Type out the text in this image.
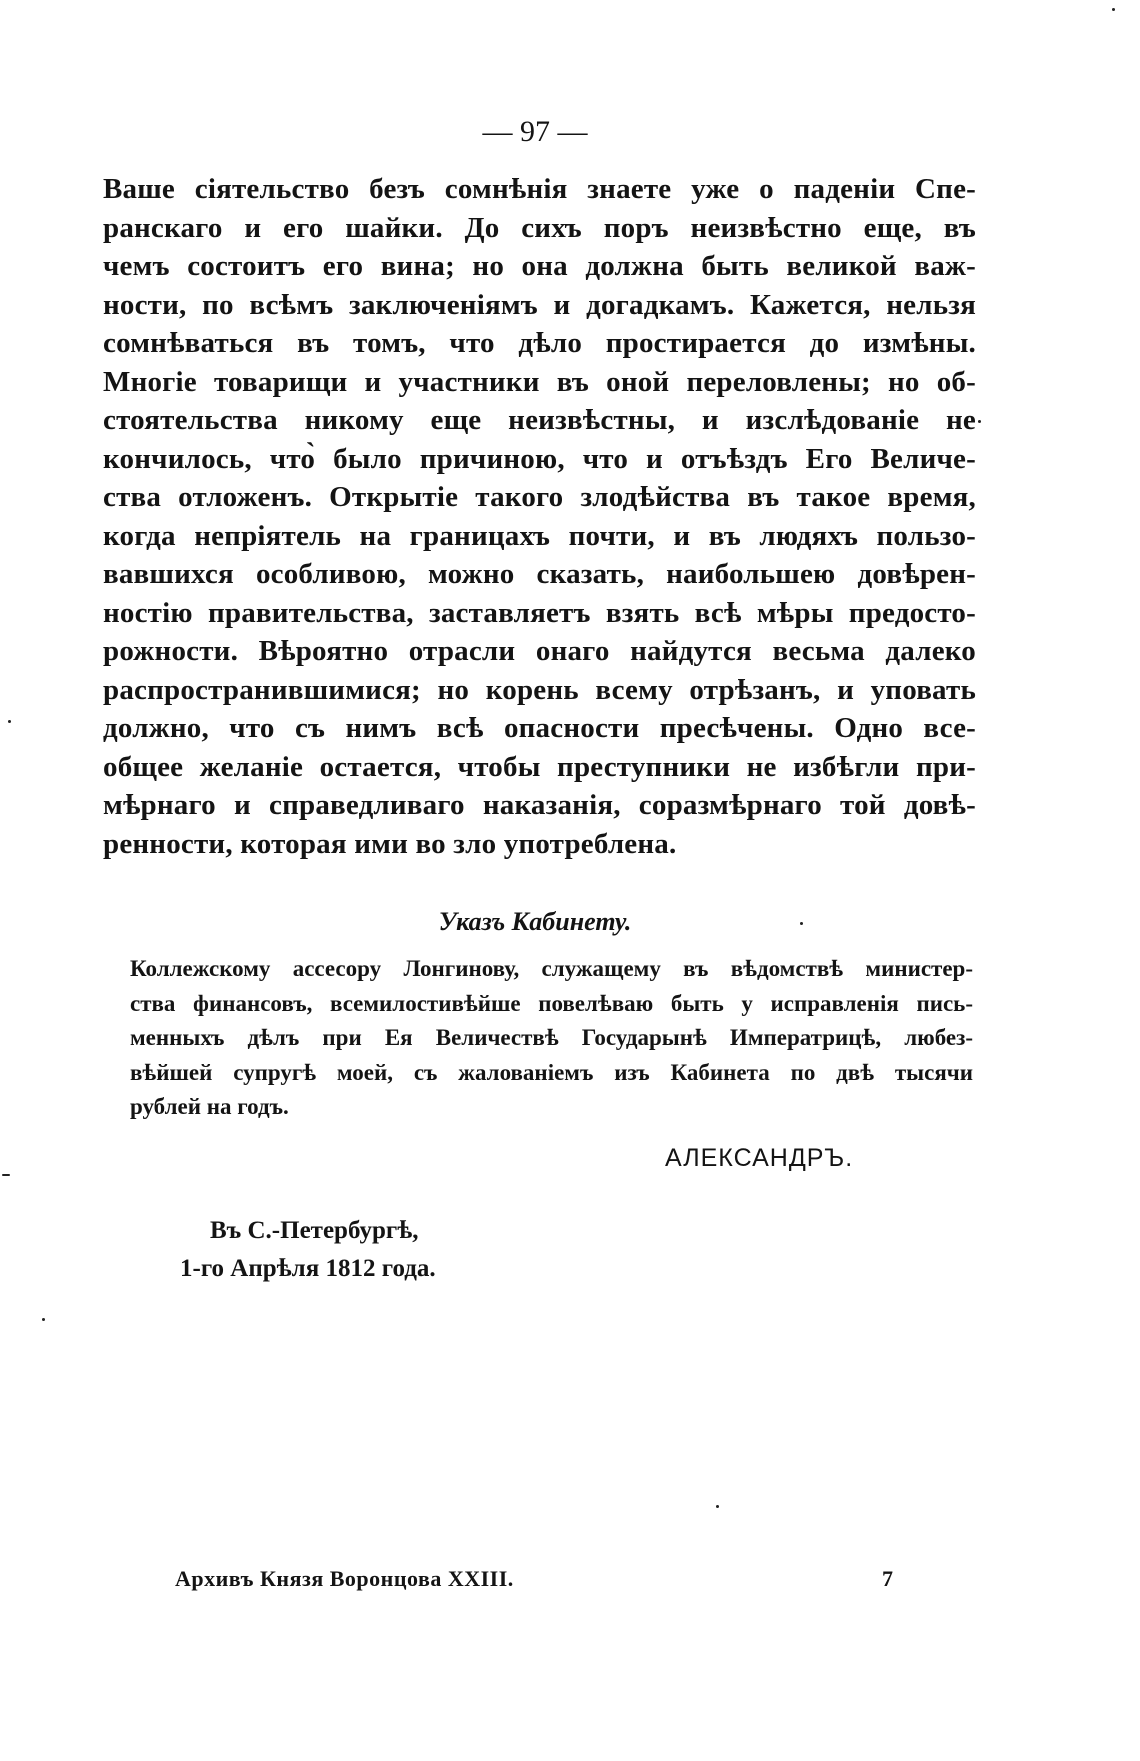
— 97 —
Ваше сіятельство безъ сомнѣнія знаете уже о паденіи Спе-
ранскаго и его шайки. До сихъ поръ неизвѣстно еще, въ
чемъ состоитъ его вина; но она должна быть великой важ-
ности, по всѣмъ заключеніямъ и догадкамъ. Кажется, нельзя
сомнѣваться въ томъ, что дѣло простирается до измѣны.
Многіе товарищи и участники въ оной переловлены; но об-
стоятельства никому еще неизвѣстны, и изслѣдованіе не
кончилось, что̀ было причиною, что и отъѣздъ Его Величе-
ства отложенъ. Открытіе такого злодѣйства въ такое время,
когда непріятель на границахъ почти, и въ людяхъ пользо-
вавшихся особливою, можно сказать, наибольшею довѣрен-
ностію правительства, заставляетъ взять всѣ мѣры предосто-
рожности. Вѣроятно отрасли онаго найдутся весьма далеко
распространившимися; но корень всему отрѣзанъ, и уповать
должно, что съ нимъ всѣ опасности пресѣчены. Одно все-
общее желаніе остается, чтобы преступники не избѣгли при-
мѣрнаго и справедливаго наказанія, соразмѣрнаго той довѣ-
ренности, которая ими во зло употреблена.
Указъ Кабинету.
Коллежскому ассесору Лонгинову, служащему въ вѣдомствѣ министер-
ства финансовъ, всемилостивѣйше повелѣваю быть у исправленія пись-
менныхъ дѣлъ при Ея Величествѣ Государынѣ Императрицѣ, любез-
вѣйшей супругѣ моей, съ жалованіемъ изъ Кабинета по двѣ тысячи
рублей на годъ.
АЛЕКСАНДРЪ.
Въ С.-Петербургѣ,
1-го Апрѣля 1812 года.
Архивъ Князя Воронцова XXIII.	7
